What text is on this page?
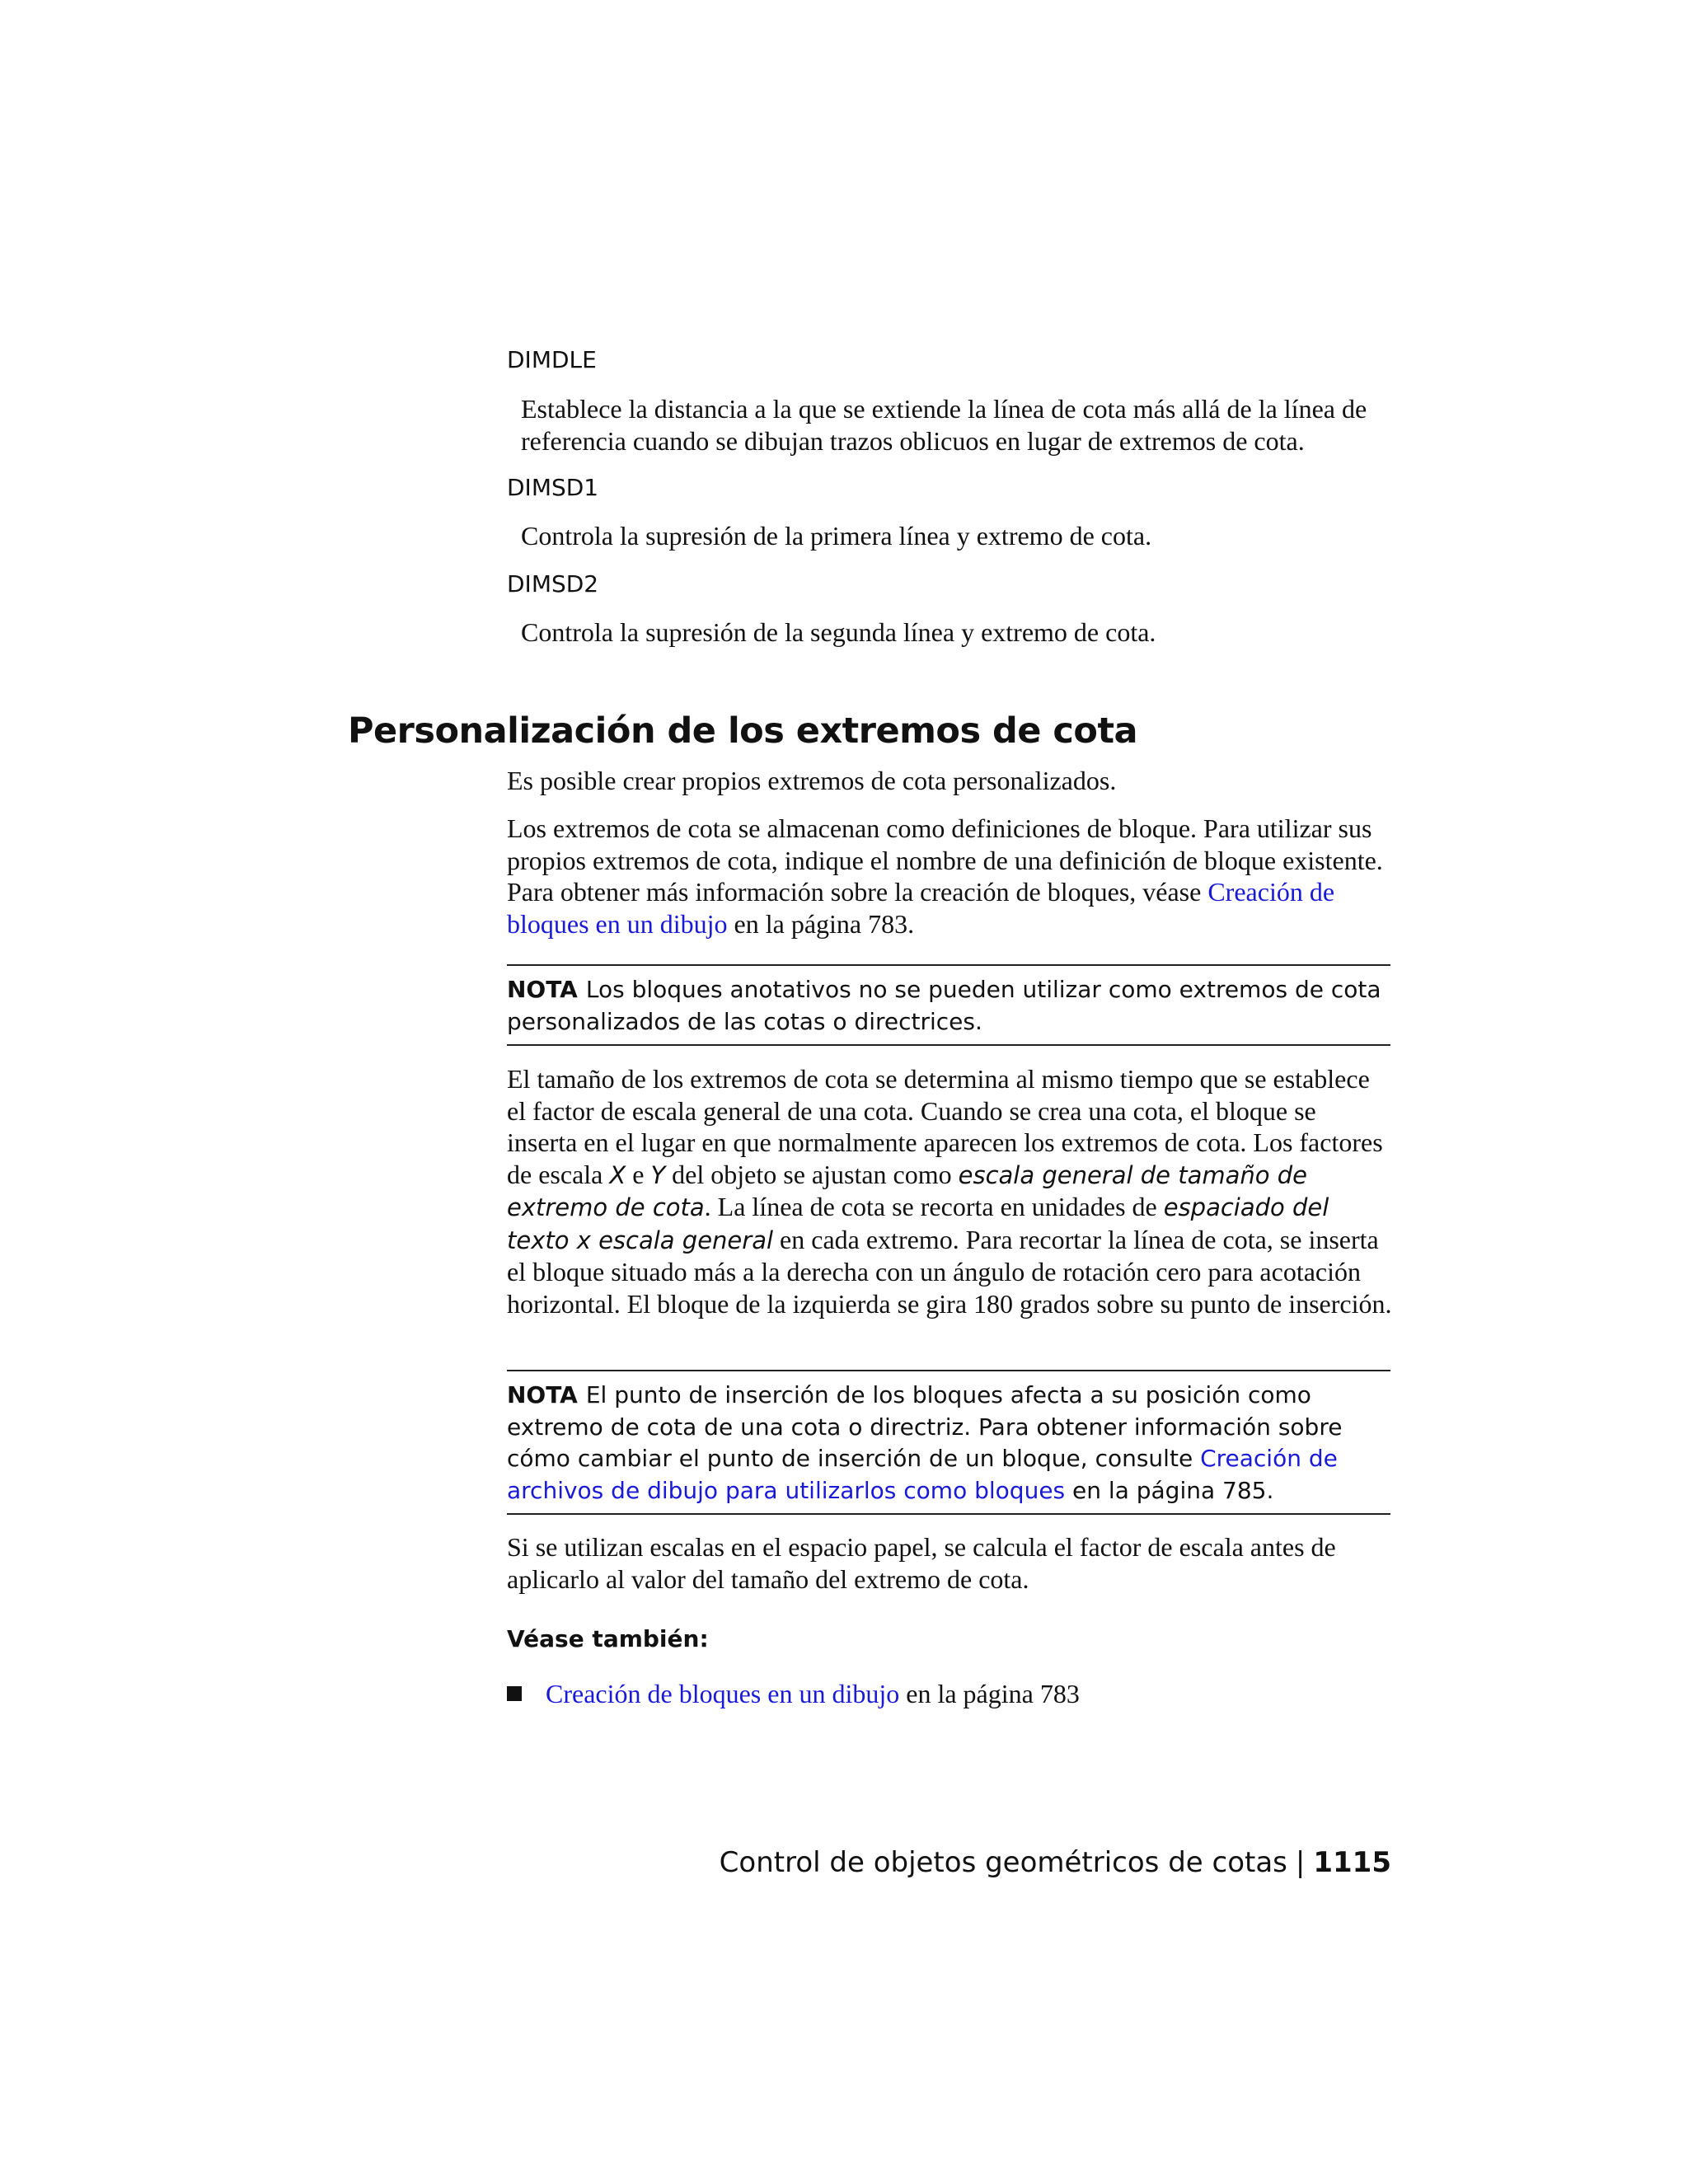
DIMDLE

Establece la distancia a la que se extiende la línea de cota más allá de la línea de referencia cuando se dibujan trazos oblicuos en lugar de extremos de cota.

DIMSD1

Controla la supresión de la primera línea y extremo de cota.

DIMSD2

Controla la supresión de la segunda línea y extremo de cota.

Personalización de los extremos de cota

Es posible crear propios extremos de cota personalizados.

Los extremos de cota se almacenan como definiciones de bloque. Para utilizar sus propios extremos de cota, indique el nombre de una definición de bloque existente. Para obtener más información sobre la creación de bloques, véase Creación de bloques en un dibujo en la página 783.

NOTA Los bloques anotativos no se pueden utilizar como extremos de cota personalizados de las cotas o directrices.

El tamaño de los extremos de cota se determina al mismo tiempo que se establece el factor de escala general de una cota. Cuando se crea una cota, el bloque se inserta en el lugar en que normalmente aparecen los extremos de cota. Los factores de escala X e Y del objeto se ajustan como escala general de tamaño de extremo de cota. La línea de cota se recorta en unidades de espaciado del texto x escala general en cada extremo. Para recortar la línea de cota, se inserta el bloque situado más a la derecha con un ángulo de rotación cero para acotación horizontal. El bloque de la izquierda se gira 180 grados sobre su punto de inserción.

NOTA El punto de inserción de los bloques afecta a su posición como extremo de cota de una cota o directriz. Para obtener información sobre cómo cambiar el punto de inserción de un bloque, consulte Creación de archivos de dibujo para utilizarlos como bloques en la página 785.

Si se utilizan escalas en el espacio papel, se calcula el factor de escala antes de aplicarlo al valor del tamaño del extremo de cota.

Véase también:
Creación de bloques en un dibujo en la página 783
Control de objetos geométricos de cotas | 1115
